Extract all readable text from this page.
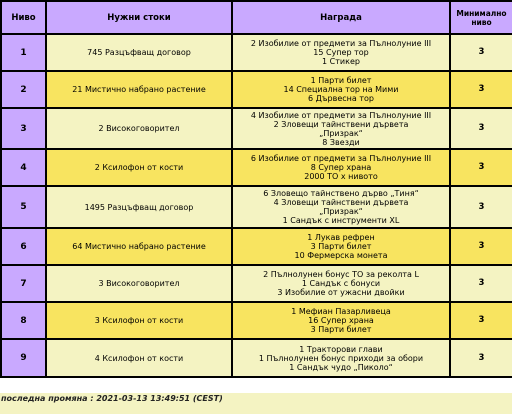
Ниво	Нужни стоки	Награда	Минимално
ниво
1	745 Разцъфващ договор	2 Изобилие от предмети за Пълнолуние III
15 Супер тор
1 Стикер	3
2	21 Мистично набрано растение	1 Парти билет
14 Специална тор на Мими
6 Дървесна тор	3
3	2 Високоговорител	4 Изобилие от предмети за Пълнолуние III
2 Зловещи тайнствени дървета
„Призрак“
8 Звезди	3
4	2 Ксилофон от кости	6 Изобилие от предмети за Пълнолуние III
8 Супер храна
2000 ТО x нивото	3
5	1495 Разцъфващ договор	6 Зловещо тайнствено дърво „Тиня“
4 Зловещи тайнствени дървета
„Призрак“
1 Сандък с инструменти XL	3
6	64 Мистично набрано растение	1 Лукав рефрен
3 Парти билет
10 Фермерска монета	3
7	3 Високоговорител	2 Пълнолунен бонус ТО за реколта L
1 Сандък с бонуси
3 Изобилие от ужасни двойки	3
8	3 Ксилофон от кости	1 Мефиан Пазарливеца
16 Супер храна
3 Парти билет	3
9	4 Ксилофон от кости	1 Тракторови глави
1 Пълнолунен бонус приходи за обори
1 Сандък чудо „Пиколо“	3
последна промяна : 2021-03-13 13:49:51 (CEST)
